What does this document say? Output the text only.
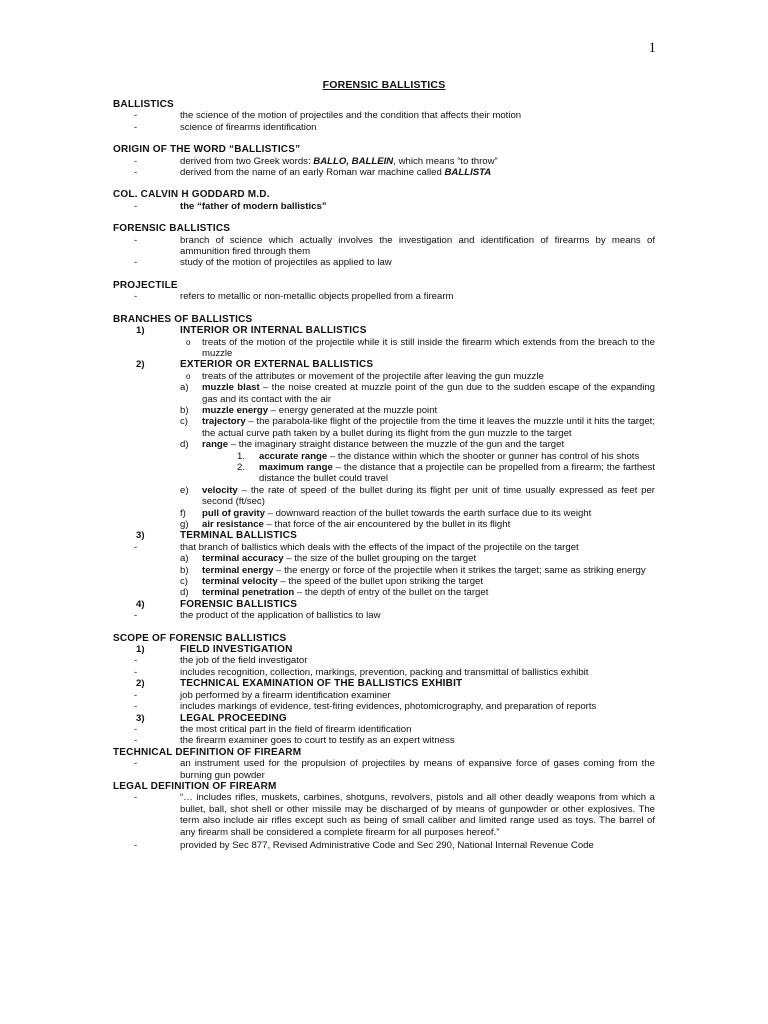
1
FORENSIC BALLISTICS
BALLISTICS
-	the science of the motion of projectiles and the condition that affects their motion
-	science of firearms identification
ORIGIN OF THE WORD “BALLISTICS”
-	derived from two Greek words: BALLO, BALLEIN, which means “to throw”
-	derived from the name of an early Roman war machine called BALLISTA
COL. CALVIN H GODDARD M.D.
-	the “father of modern ballistics”
FORENSIC BALLISTICS
-	branch of science which actually involves the investigation and identification of firearms by means of ammunition fired through them
-	study of the motion of projectiles as applied to law
PROJECTILE
-	refers to metallic or non-metallic objects propelled from a firearm
BRANCHES OF BALLISTICS
1)	INTERIOR OR INTERNAL BALLISTICS
o treats of the motion of the projectile while it is still inside the firearm which extends from the breach to the muzzle
2)	EXTERIOR OR EXTERNAL BALLISTICS
o treats of the attributes or movement of the projectile after leaving the gun muzzle
a) muzzle blast – the noise created at muzzle point of the gun due to the sudden escape of the expanding gas and its contact with the air
b) muzzle energy – energy generated at the muzzle point
c) trajectory – the parabola-like flight of the projectile from the time it leaves the muzzle until it hits the target; the actual curve path taken by a bullet during its flight from the gun muzzle to the target
d) range – the imaginary straight distance between the muzzle of the gun and the target
1. accurate range – the distance within which the shooter or gunner has control of his shots
2. maximum range – the distance that a projectile can be propelled from a firearm; the farthest distance the bullet could travel
e) velocity – the rate of speed of the bullet during its flight per unit of time usually expressed as feet per second (ft/sec)
f) pull of gravity – downward reaction of the bullet towards the earth surface due to its weight
g) air resistance – that force of the air encountered by the bullet in its flight
3)	TERMINAL BALLISTICS
-	that branch of ballistics which deals with the effects of the impact of the projectile on the target
a) terminal accuracy – the size of the bullet grouping on the target
b) terminal energy – the energy or force of the projectile when it strikes the target; same as striking energy
c) terminal velocity – the speed of the bullet upon striking the target
d) terminal penetration – the depth of entry of the bullet on the target
4)	FORENSIC BALLISTICS
-	the product of the application of ballistics to law
SCOPE OF FORENSIC BALLISTICS
1)	FIELD INVESTIGATION
-	the job of the field investigator
-	includes recognition, collection, markings, prevention, packing and transmittal of ballistics exhibit
2)	TECHNICAL EXAMINATION OF THE BALLISTICS EXHIBIT
-	job performed by a firearm identification examiner
-	includes markings of evidence, test-firing evidences, photomicrography, and preparation of reports
3)	LEGAL PROCEEDING
-	the most critical part in the field of firearm identification
-	the firearm examiner goes to court to testify as an expert witness
TECHNICAL DEFINITION OF FIREARM
-	an instrument used for the propulsion of projectiles by means of expansive force of gases coming from the burning gun powder
LEGAL DEFINITION OF FIREARM
-	“… includes rifles, muskets, carbines, shotguns, revolvers, pistols and all other deadly weapons from which a bullet, ball, shot shell or other missile may be discharged of by means of gunpowder or other explosives. The term also include air rifles except such as being of small caliber and limited range used as toys. The barrel of any firearm shall be considered a complete firearm for all purposes hereof.”
-	provided by Sec 877, Revised Administrative Code and Sec 290, National Internal Revenue Code
